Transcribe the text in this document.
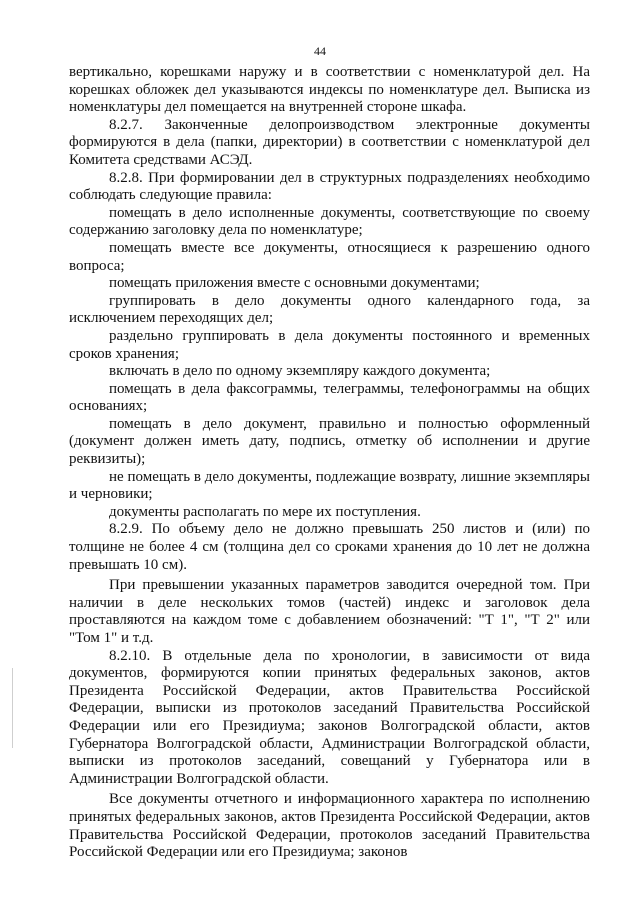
44

вертикально, корешками наружу и в соответствии с номенклатурой дел. На корешках обложек дел указываются индексы по номенклатуре дел. Выписка из номенклатуры дел помещается на внутренней стороне шкафа.

8.2.7. Законченные делопроизводством электронные документы формируются в дела (папки, директории) в соответствии с номенклатурой дел Комитета средствами АСЭД.

8.2.8. При формировании дел в структурных подразделениях необходимо соблюдать следующие правила:

помещать в дело исполненные документы, соответствующие по своему содержанию заголовку дела по номенклатуре;

помещать вместе все документы, относящиеся к разрешению одного вопроса;

помещать приложения вместе с основными документами;

группировать в дело документы одного календарного года, за исключением переходящих дел;

раздельно группировать в дела документы постоянного и временных сроков хранения;

включать в дело по одному экземпляру каждого документа;

помещать в дела факсограммы, телеграммы, телефонограммы на общих основаниях;

помещать в дело документ, правильно и полностью оформленный (документ должен иметь дату, подпись, отметку об исполнении и другие реквизиты);

не помещать в дело документы, подлежащие возврату, лишние экземпляры и черновики;

документы располагать по мере их поступления.

8.2.9. По объему дело не должно превышать 250 листов и (или) по толщине не более 4 см (толщина дел со сроками хранения до 10 лет не должна превышать 10 см).

При превышении указанных параметров заводится очередной том. При наличии в деле нескольких томов (частей) индекс и заголовок дела проставляются на каждом томе с добавлением обозначений: "Т 1", "Т 2" или "Том 1" и т.д.

8.2.10. В отдельные дела по хронологии, в зависимости от вида документов, формируются копии принятых федеральных законов, актов Президента Российской Федерации, актов Правительства Российской Федерации, выписки из протоколов заседаний Правительства Российской Федерации или его Президиума; законов Волгоградской области, актов Губернатора Волгоградской области, Администрации Волгоградской области, выписки из протоколов заседаний, совещаний у Губернатора или в Администрации Волгоградской области.

Все документы отчетного и информационного характера по исполнению принятых федеральных законов, актов Президента Российской Федерации, актов Правительства Российской Федерации, протоколов заседаний Правительства Российской Федерации или его Президиума; законов
